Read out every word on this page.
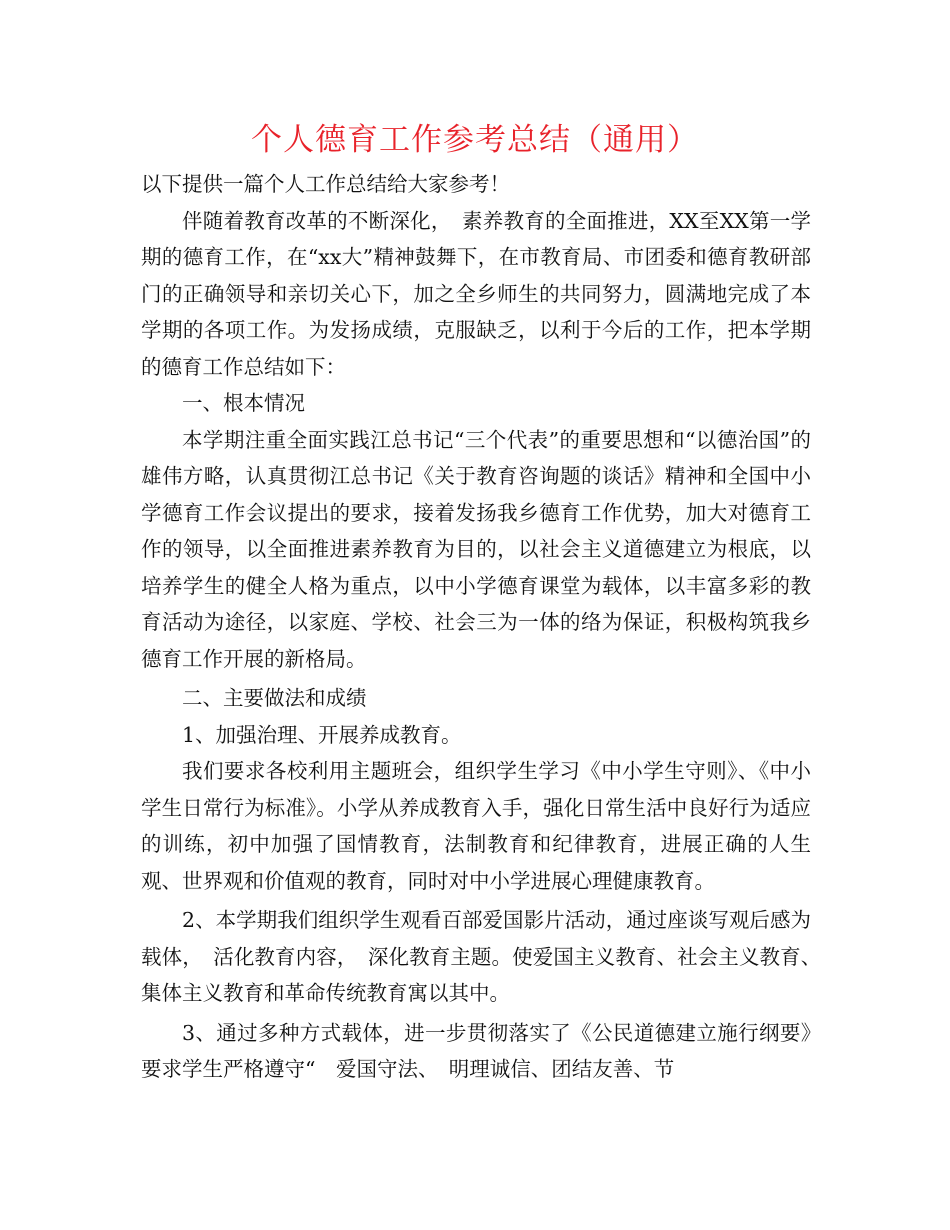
个人德育工作参考总结（通用）

以下提供一篇个人工作总结给大家参考！

伴随着教育改革的不断深化，　素养教育的全面推进，XX至XX第一学期的德育工作，在“xx大”精神鼓舞下，在市教育局、市团委和德育教研部门的正确领导和亲切关心下，加之全乡师生的共同努力，圆满地完成了本学期的各项工作。为发扬成绩，克服缺乏，以利于今后的工作，把本学期的德育工作总结如下：

一、根本情况

本学期注重全面实践江总书记“三个代表”的重要思想和“以德治国”的雄伟方略，认真贯彻江总书记《关于教育咨询题的谈话》精神和全国中小学德育工作会议提出的要求，接着发扬我乡德育工作优势，加大对德育工作的领导，以全面推进素养教育为目的，以社会主义道德建立为根底，以培养学生的健全人格为重点，以中小学德育课堂为载体，以丰富多彩的教育活动为途径，以家庭、学校、社会三为一体的络为保证，积极构筑我乡德育工作开展的新格局。

二、主要做法和成绩

1、加强治理、开展养成教育。

我们要求各校利用主题班会，组织学生学习《中小学生守则》、《中小学生日常行为标准》。小学从养成教育入手，强化日常生活中良好行为适应的训练，初中加强了国情教育，法制教育和纪律教育，进展正确的人生观、世界观和价值观的教育，同时对中小学进展心理健康教育。

2、本学期我们组织学生观看百部爱国影片活动，通过座谈写观后感为载体，　活化教育内容，　深化教育主题。使爱国主义教育、社会主义教育、　集体主义教育和革命传统教育寓以其中。

3、通过多种方式载体，进一步贯彻落实了《公民道德建立施行纲要》　要求学生严格遵守“　爱国守法、　明理诚信、团结友善、节
